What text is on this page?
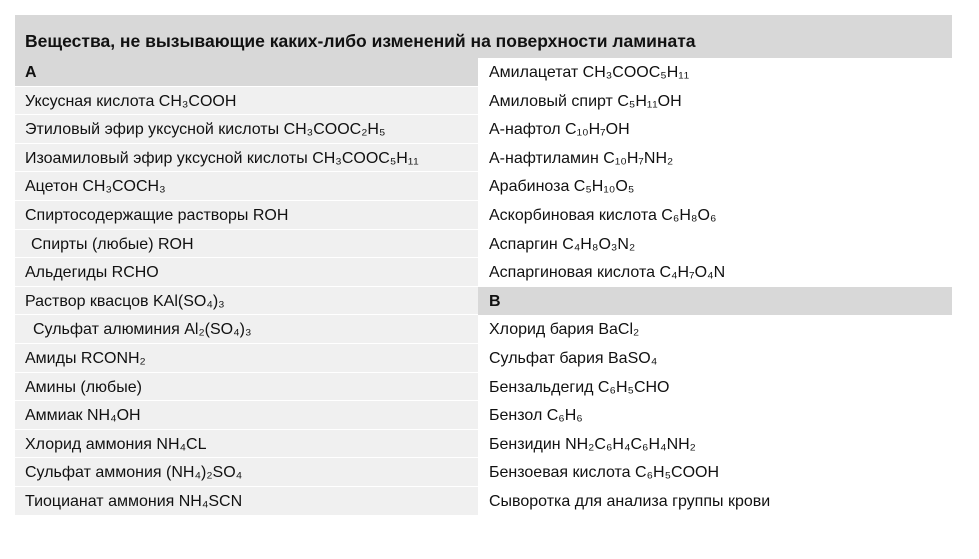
Вещества, не вызывающие каких-либо изменений на поверхности ламината
А
Уксусная кислота CH₃COOH
Этиловый эфир уксусной кислоты CH₃COOC₂H₅
Изоамиловый эфир уксусной кислоты CH₃COOC₅H₁₁
Ацетон CH₃COCH₃
Спиртосодержащие растворы ROH
Спирты (любые) ROH
Альдегиды RCHO
Раствор квасцов KAl(SO₄)₃
Сульфат алюминия Al₂(SO₄)₃
Амиды RCONH₂
Амины (любые)
Аммиак NH₄OH
Хлорид аммония NH₄CL
Сульфат аммония (NH₄)₂SO₄
Тиоцианат аммония NH₄SCN
Амилацетат CH₃COOC₅H₁₁
Амиловый спирт C₅H₁₁OH
А-нафтол C₁₀H₇OH
А-нафтиламин C₁₀H₇NH₂
Арабиноза C₅H₁₀O₅
Аскорбиновая кислота C₆H₈O₆
Аспаргин C₄H₈O₃N₂
Аспаргиновая кислота C₄H₇O₄N
В
Хлорид бария BaCl₂
Сульфат бария BaSO₄
Бензальдегид C₆H₅CHO
Бензол C₆H₆
Бензидин NH₂C₆H₄C₆H₄NH₂
Бензоевая кислота C₆H₅COOH
Сыворотка для анализа группы крови
